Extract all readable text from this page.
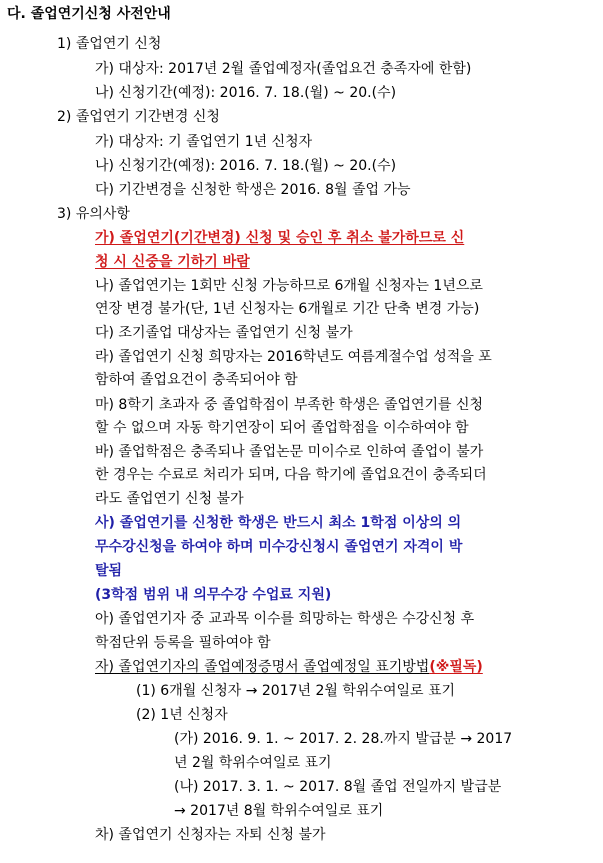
다. 졸업연기신청 사전안내
1) 졸업연기 신청
가) 대상자: 2017년 2월 졸업예정자(졸업요건 충족자에 한함)
나) 신청기간(예정): 2016. 7. 18.(월) ~ 20.(수)
2) 졸업연기 기간변경 신청
가) 대상자: 기 졸업연기 1년 신청자
나) 신청기간(예정): 2016. 7. 18.(월) ~ 20.(수)
다) 기간변경을 신청한 학생은 2016. 8월 졸업 가능
3) 유의사항
가) 졸업연기(기간변경) 신청 및 승인 후 취소 불가하므로 신
청 시 신중을 기하기 바람
나) 졸업연기는 1회만 신청 가능하므로 6개월 신청자는 1년으로
연장 변경 불가(단, 1년 신청자는 6개월로 기간 단축 변경 가능)
다) 조기졸업 대상자는 졸업연기 신청 불가
라) 졸업연기 신청 희망자는 2016학년도 여름계절수업 성적을 포
함하여 졸업요건이 충족되어야 함
마) 8학기 초과자 중 졸업학점이 부족한 학생은 졸업연기를 신청
할 수 없으며 자동 학기연장이 되어 졸업학점을 이수하여야 함
바) 졸업학점은 충족되나 졸업논문 미이수로 인하여 졸업이 불가
한 경우는 수료로 처리가 되며, 다음 학기에 졸업요건이 충족되더
라도 졸업연기 신청 불가
사) 졸업연기를 신청한 학생은 반드시 최소 1학점 이상의 의
무수강신청을 하여야 하며 미수강신청시 졸업연기 자격이 박
탈됨
(3학점 범위 내 의무수강 수업료 지원)
아) 졸업연기자 중 교과목 이수를 희망하는 학생은 수강신청 후
학점단위 등록을 필하여야 함
자) 졸업연기자의 졸업예정증명서 졸업예정일 표기방법(※필독)
(1) 6개월 신청자 → 2017년 2월 학위수여일로 표기
(2) 1년 신청자
(가) 2016. 9. 1. ~ 2017. 2. 28.까지 발급분 → 2017
년 2월 학위수여일로 표기
(나) 2017. 3. 1. ~ 2017. 8월 졸업 전일까지 발급분
→ 2017년 8월 학위수여일로 표기
차) 졸업연기 신청자는 자퇴 신청 불가
